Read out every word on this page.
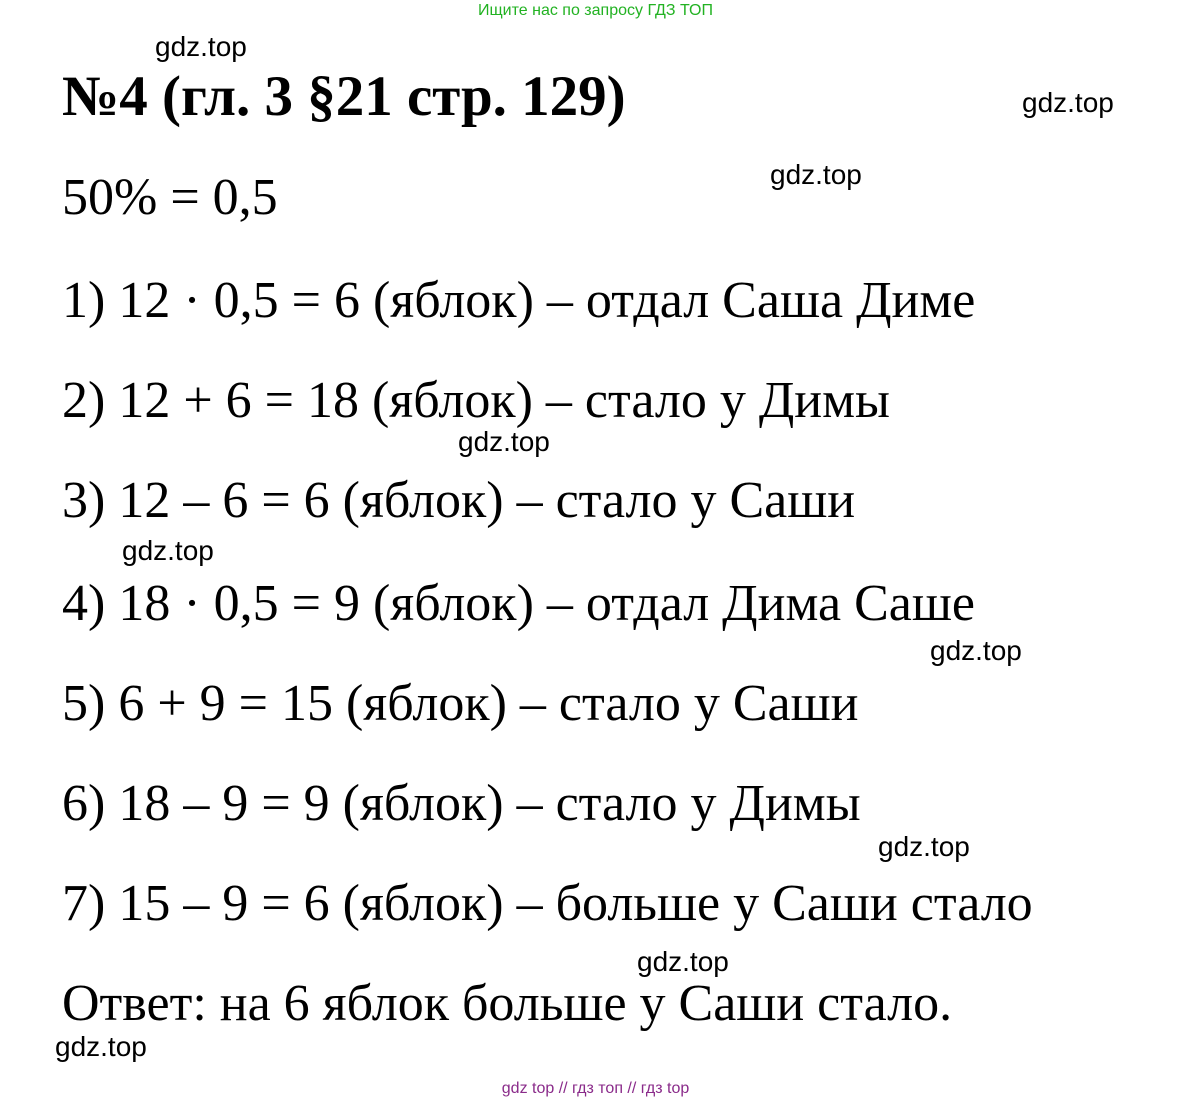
Ищите нас по запросу ГДЗ ТОП
№4 (гл. 3 §21 стр. 129)
50% = 0,5
1) 12 · 0,5 = 6 (яблок) – отдал Саша Диме
2) 12 + 6 = 18 (яблок) – стало у Димы
3) 12 – 6 = 6 (яблок) – стало у Саши
4) 18 · 0,5 = 9 (яблок) – отдал Дима Саше
5) 6 + 9 = 15 (яблок) – стало у Саши
6) 18 – 9 = 9 (яблок) – стало у Димы
7) 15 – 9 = 6 (яблок) – больше у Саши стало
Ответ: на 6 яблок больше у Саши стало.
gdz.top
gdz.top
gdz.top
gdz.top
gdz.top
gdz.top
gdz.top
gdz.top
gdz.top
gdz top // гдз топ // гдз top
